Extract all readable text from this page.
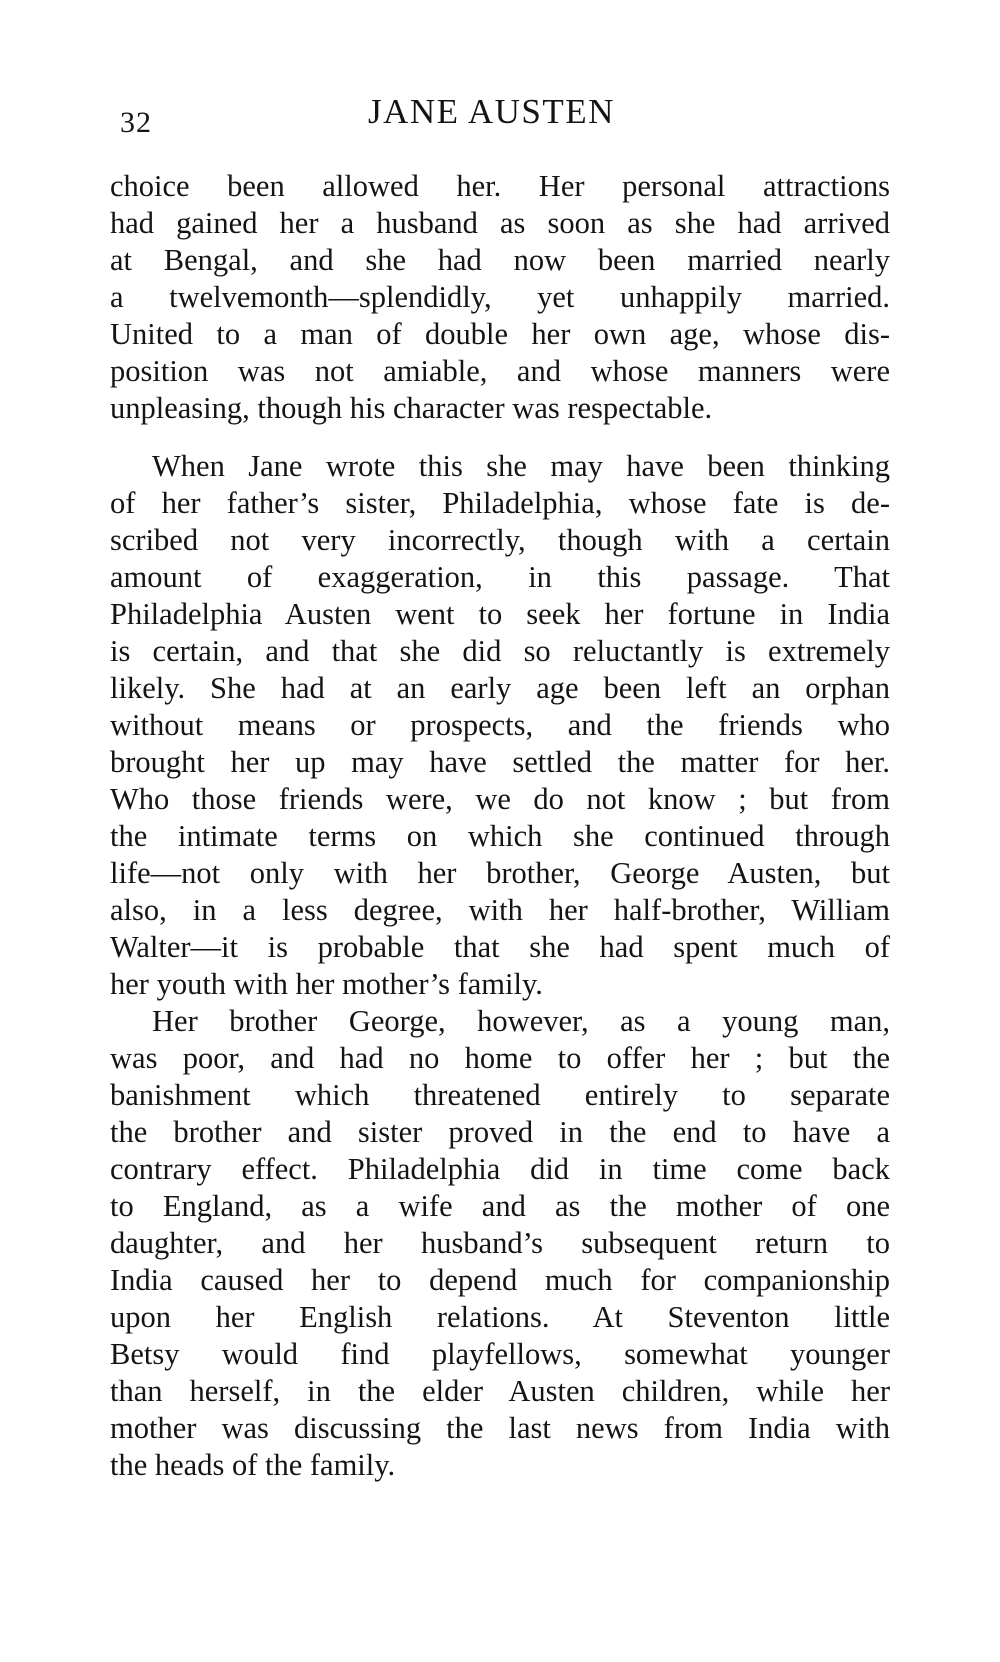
32	JANE AUSTEN
choice been allowed her. Her personal attractions
had gained her a husband as soon as she had arrived
at Bengal, and she had now been married nearly
a twelvemonth—splendidly, yet unhappily married.
United to a man of double her own age, whose dis-
position was not amiable, and whose manners were
unpleasing, though his character was respectable.
When Jane wrote this she may have been thinking
of her father’s sister, Philadelphia, whose fate is de-
scribed not very incorrectly, though with a certain
amount of exaggeration, in this passage. That
Philadelphia Austen went to seek her fortune in India
is certain, and that she did so reluctantly is extremely
likely. She had at an early age been left an orphan
without means or prospects, and the friends who
brought her up may have settled the matter for her.
Who those friends were, we do not know ; but from
the intimate terms on which she continued through
life—not only with her brother, George Austen, but
also, in a less degree, with her half-brother, William
Walter—it is probable that she had spent much of
her youth with her mother’s family.
Her brother George, however, as a young man,
was poor, and had no home to offer her ; but the
banishment which threatened entirely to separate
the brother and sister proved in the end to have a
contrary effect. Philadelphia did in time come back
to England, as a wife and as the mother of one
daughter, and her husband’s subsequent return to
India caused her to depend much for companionship
upon her English relations. At Steventon little
Betsy would find playfellows, somewhat younger
than herself, in the elder Austen children, while her
mother was discussing the last news from India with
the heads of the family.
